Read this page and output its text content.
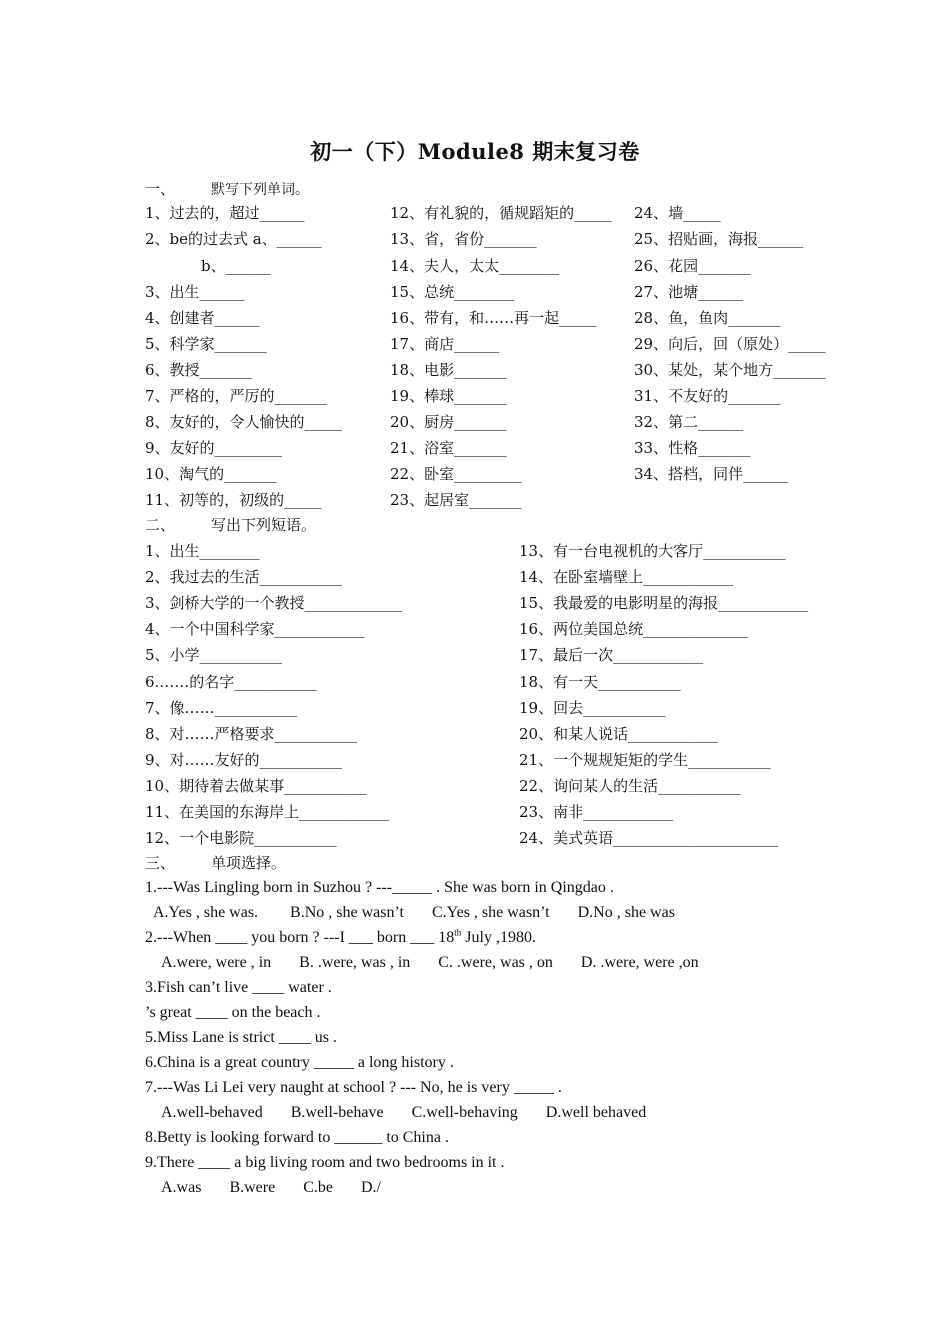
初一（下）Module8 期末复习卷
一、	默写下列单词。
1、过去的，超过______
2、be的过去式 a、______
b、______
3、出生______
4、创建者______
5、科学家_______
6、教授_______
7、严格的，严厉的_______
8、友好的，令人愉快的_____
9、友好的_________
10、淘气的_______
11、初等的，初级的_____
12、有礼貌的，循规蹈矩的_____
13、省，省份_______
14、夫人，太太________
15、总统________
16、带有，和……再一起_____
17、商店______
18、电影_______
19、棒球_______
20、厨房_______
21、浴室_______
22、卧室_________
23、起居室_______
24、墙_____
25、招贴画，海报______
26、花园_______
27、池塘______
28、鱼，鱼肉_______
29、向后，回（原处）_____
30、某处，某个地方_______
31、不友好的_______
32、第二______
33、性格_______
34、搭档，同伴______
二、 写出下列短语。
1、出生________
2、我过去的生活___________
3、剑桥大学的一个教授_____________
4、一个中国科学家____________
5、小学___________
6.……的名字___________
7、像……___________
8、对……严格要求___________
9、对……友好的___________
10、期待着去做某事___________
11、在美国的东海岸上____________
12、一个电影院___________
13、有一台电视机的大客厅___________
14、在卧室墙壁上____________
15、我最爱的电影明星的海报____________
16、两位美国总统______________
17、最后一次____________
18、有一天___________
19、回去___________
20、和某人说话____________
21、一个规规矩矩的学生___________
22、询问某人的生活___________
23、南非____________
24、美式英语______________________
三、 单项选择。
1.---Was Lingling born in Suzhou ? ---_____ . She was born in Qingdao .
A.Yes , she was.        B.No , she wasn’t       C.Yes , she wasn’t       D.No , she was
2.---When ____ you born ? ---I ___ born ___ 18th July ,1980.
A.were, were , in       B. .were, was , in       C. .were, was , on       D. .were, were ,on
3.Fish can’t live ____ water .
’s great ____ on the beach .
5.Miss Lane is strict ____ us .
6.China is a great country _____ a long history .
7.---Was Li Lei very naught at school ? --- No, he is very _____ .
A.well-behaved       B.well-behave       C.well-behaving       D.well behaved
8.Betty is looking forward to ______ to China .
9.There ____ a big living room and two bedrooms in it .
A.was       B.were       C.be       D./
